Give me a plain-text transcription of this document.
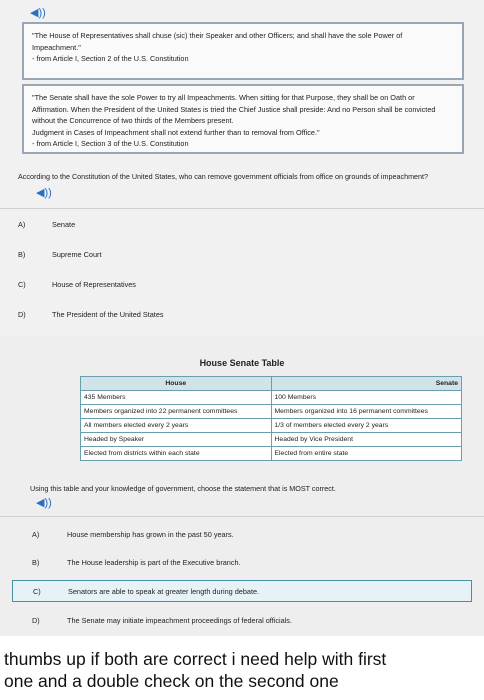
◀))

"The House of Representatives shall chuse (sic) their Speaker and other Officers; and shall have the sole Power of

Impeachment."

- from Article I, Section 2 of the U.S. Constitution

"The Senate shall have the sole Power to try all Impeachments. When sitting for that Purpose, they shall be on Oath or

Affirmation. When the President of the United States is tried the Chief Justice shall preside: And no Person shall be convicted

without the Concurrence of two thirds of the Members present.

Judgment in Cases of Impeachment shall not extend further than to removal from Office."

- from Article I, Section 3 of the U.S. Constitution

According to the Constitution of the United States, who can remove government officials from office on grounds of impeachment?
◀))
A)	Senate
B)	Supreme Court
C)	House of Representatives
D)	The President of the United States
House Senate Table
House	Senate
435 Members	100 Members
Members organized into 22 permanent committees	Members organized into 16 permanent committees
All members elected every 2 years	1/3 of members elected every 2 years
Headed by Speaker	Headed by Vice President
Elected from districts within each state	Elected from entire state
Using this table and your knowledge of government, choose the statement that is MOST correct.
◀))
A)	House membership has grown in the past 50 years.
B)	The House leadership is part of the Executive branch.
C)	Senators are able to speak at greater length during debate.
D)	The Senate may initiate impeachment proceedings of federal officials.
thumbs up if both are correct i need help with first
one and a double check on the second one
